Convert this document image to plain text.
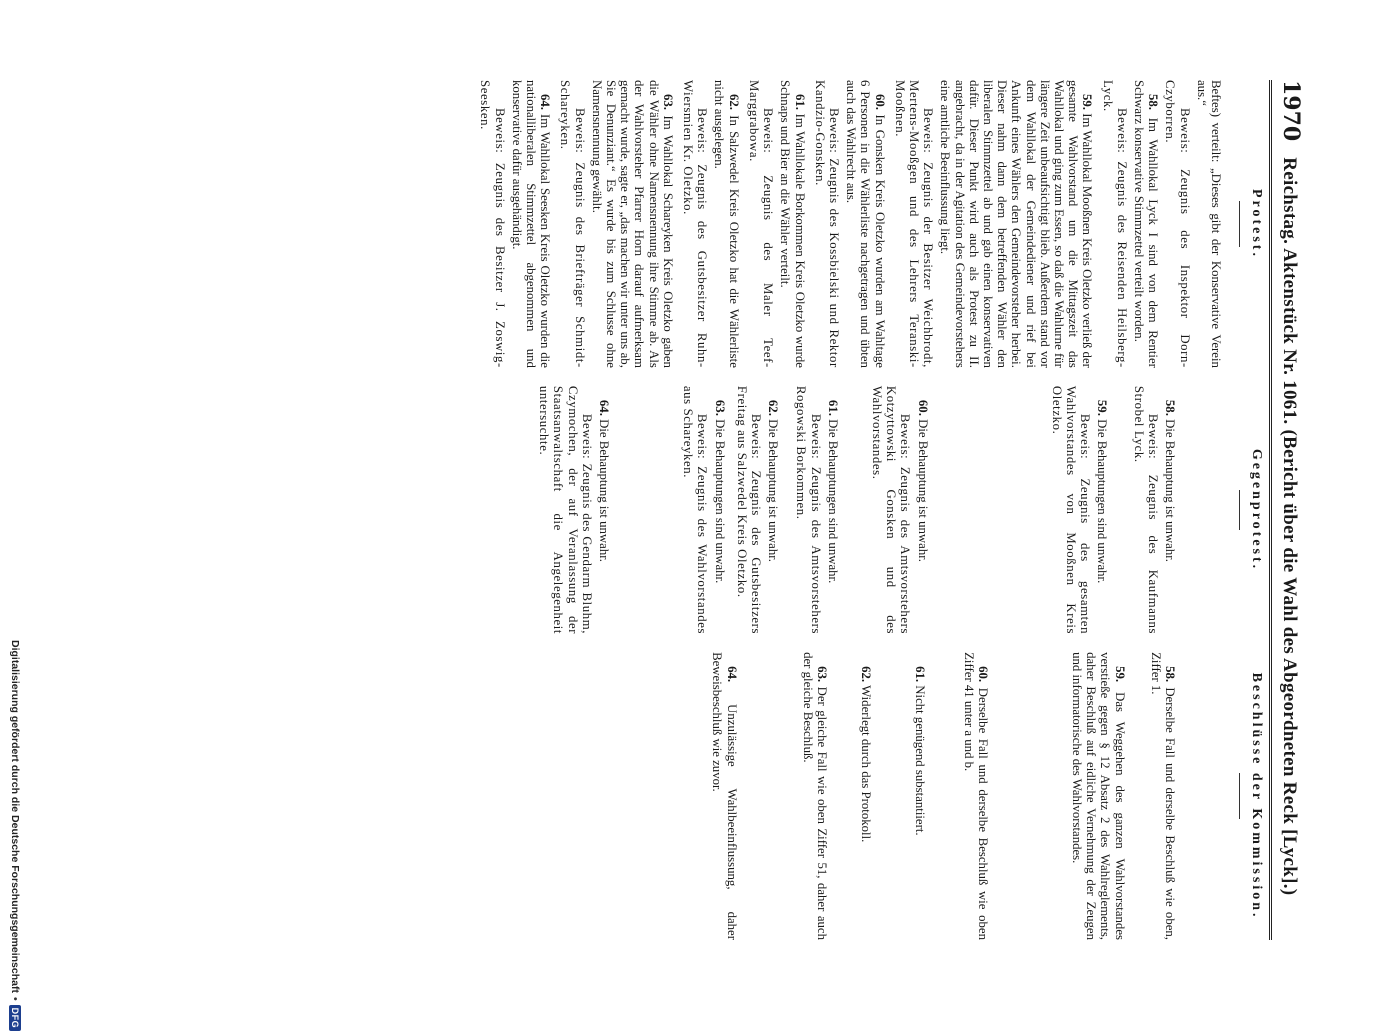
1970
Reichstag. Aktenstück Nr. 1061. (Bericht über die Wahl des Abgeordneten Reck [Lyck].)
Protest.

Beftes) verteilt: „Dieses gibt der Konservative Verein aus.“

Beweis: Zeugnis des Inspektor Dorn-Czyborren.

58. Im Wahllokal Lyck I sind von dem Rentier Schwarz konservative Stimmzettel verteilt worden.

Beweis: Zeugnis des Reisenden Heilsberg-Lyck.

59. Im Wahllokal Mooßnen Kreis Oletzko verließ der gesamte Wahlvorstand um die Mittagszeit das Wahllokal und ging zum Essen, so daß die Wahlurne für längere Zeit unbeaufsichtigt blieb. Außerdem stand vor dem Wahllokal der Gemeindediener und rief bei Ankunft eines Wählers den Gemeindevorsteher herbei. Dieser nahm dann dem betreffenden Wähler den liberalen Stimmzettel ab und gab einen konservativen dafür. Dieser Punkt wird auch als Protest zu II. angebracht, da in der Agitation des Gemeindevorstehers eine amtliche Beeinflussung liegt.

Beweis: Zeugnis der Besitzer Weichbrodt, Mertens-Mooßgen und des Lehrers Teranski-Mooßnen.

60. In Gonsken Kreis Oletzko wurden am Wahltage 6 Personen in die Wählerliste nachgetragen und übten auch das Wahlrecht aus.

Beweis: Zeugnis des Kossbielski und Rektor Kandzio-Gonsken.

61. Im Wahllokale Borkommen Kreis Oletzko wurde Schnaps und Bier an die Wähler verteilt.

Beweis: Zeugnis des Maler Teef-Marggrabowa.

62. In Salzwedel Kreis Oletzko hat die Wählerliste nicht ausgelegen.

Beweis: Zeugnis des Gutsbesitzer Ruhn-Wiersmien Kr. Oletzko.

63. Im Wahllokal Schareyken Kreis Oletzko gaben die Wähler ohne Namensnennung ihre Stimme ab. Als der Wahlvorsteher Pfarrer Horn darauf aufmerksam gemacht wurde, sagte er, „das machen wir unter uns ab, Sie Denunziant.“ Es wurde bis zum Schlusse ohne Namensnennung gewählt.

Beweis: Zeugnis des Briefträger Schmidt-Schareyken.

64. Im Wahllokal Seesken Kreis Oletzko wurden die nationalliberalen Stimmzettel abgenommen und konservative dafür ausgehändigt.

Beweis: Zeugnis des Besitzer J. Zoswig-Seesken.

Gegenprotest.

58. Die Behauptung ist unwahr.

Beweis: Zeugnis des Kaufmanns Strobel Lyck.

59. Die Behauptungen sind unwahr.

Beweis: Zeugnis des gesamten Wahlvorstandes von Mooßnen Kreis Oletzko.

60. Die Behauptung ist unwahr.

Beweis: Zeugnis des Amtsvorstehers Kotzyttowski Gonsken und des Wahlvorstandes.

61. Die Behauptungen sind unwahr.

Beweis: Zeugnis des Amtsvorstehers Rogowski Borkommen.

62. Die Behauptung ist unwahr.

Beweis: Zeugnis des Gutsbesitzers Freitag aus Salzwedel Kreis Oletzko.

63. Die Behauptungen sind unwahr.

Beweis: Zeugnis des Wahlvorstandes aus Schareyken.

64. Die Behauptung ist unwahr.

Beweis: Zeugnis des Gendarm Bluhm, Czymochen, der auf Veranlassung der Staatsanwaltschaft die Angelegenheit untersuchte.

Beschlüsse der Kommission.

58. Derselbe Fall und derselbe Beschluß wie oben, Ziffer 1.

59. Das Weggehen des ganzen Wahlvorstandes verstieße gegen § 12 Absatz 2 des Wahlreglements, daher Beschluß auf eidliche Vernehmung der Zeugen und informatorische des Wahlvorstandes.

60. Derselbe Fall und derselbe Beschluß wie oben Ziffer 41 unter a und b.

61. Nicht genügend substantiiert.

62. Widerlegt durch das Protokoll.

63. Der gleiche Fall wie oben Ziffer 51, daher auch der gleiche Beschluß.

64. Unzulässige Wahlbeeinflussung, daher Beweisbeschluß wie zuvor.

Digitalisierung gefördert durch die Deutsche Forschungsgemeinschaft
•
DFG
